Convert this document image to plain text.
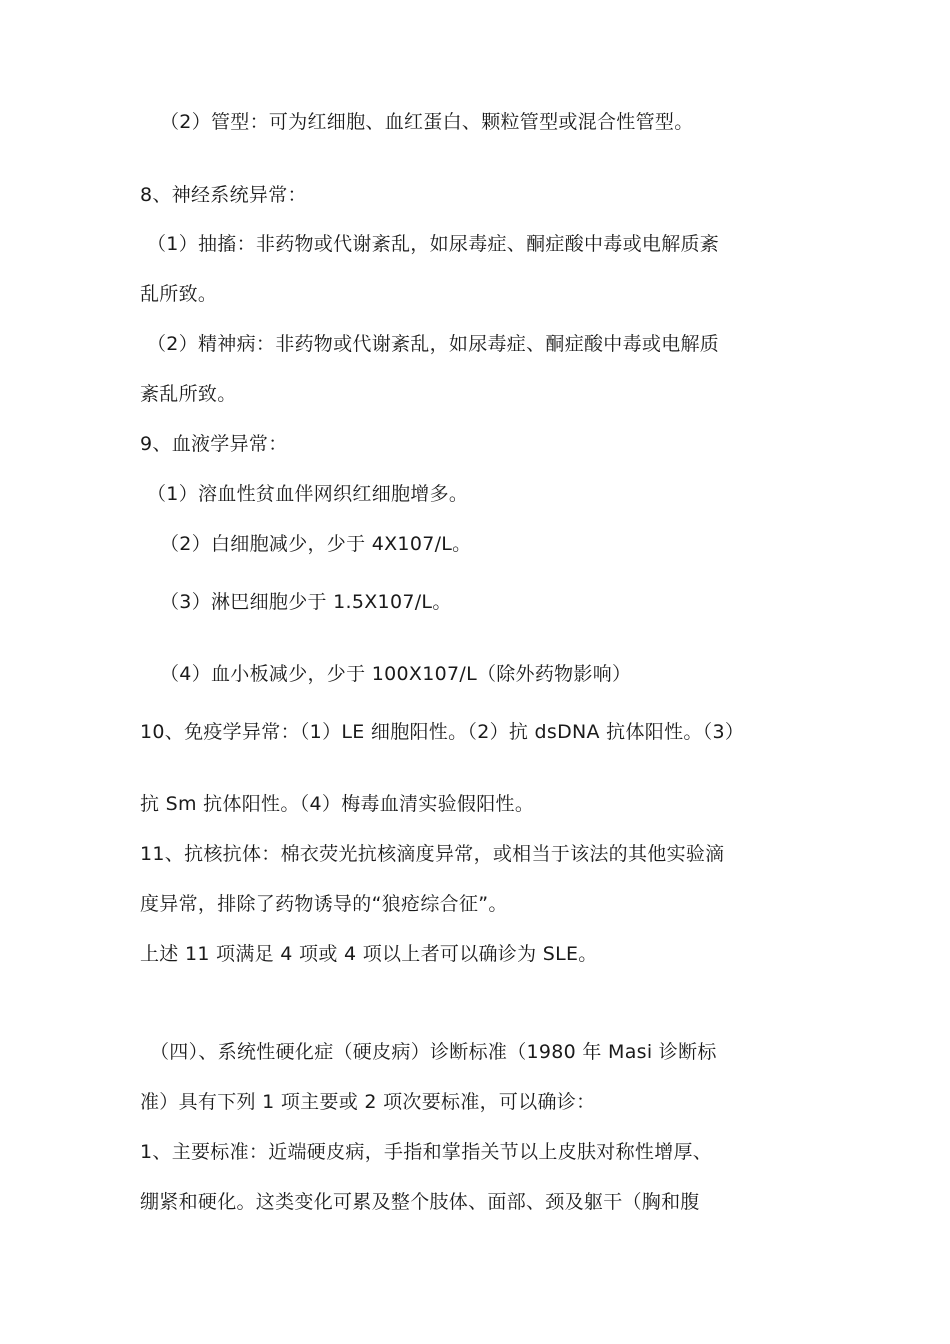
（2）管型：可为红细胞、血红蛋白、颗粒管型或混合性管型。
8、神经系统异常：
（1）抽搐：非药物或代谢紊乱，如尿毒症、酮症酸中毒或电解质紊
乱所致。
（2）精神病：非药物或代谢紊乱，如尿毒症、酮症酸中毒或电解质
紊乱所致。
9、血液学异常：
（1）溶血性贫血伴网织红细胞增多。
（2）白细胞减少，少于 4X107/L。
（3）淋巴细胞少于 1.5X107/L。
（4）血小板减少，少于 100X107/L（除外药物影响）
10、免疫学异常：（1）LE 细胞阳性。（2）抗 dsDNA 抗体阳性。（3）
抗 Sm 抗体阳性。（4）梅毒血清实验假阳性。
11、抗核抗体：棉衣荧光抗核滴度异常，或相当于该法的其他实验滴
度异常，排除了药物诱导的“狼疮综合征”。
上述 11 项满足 4 项或 4 项以上者可以确诊为 SLE。
（四）、系统性硬化症（硬皮病）诊断标准（1980 年 Masi 诊断标
准）具有下列 1 项主要或 2 项次要标准，可以确诊：
1、主要标准：近端硬皮病，手指和掌指关节以上皮肤对称性增厚、
绷紧和硬化。这类变化可累及整个肢体、面部、颈及躯干（胸和腹
